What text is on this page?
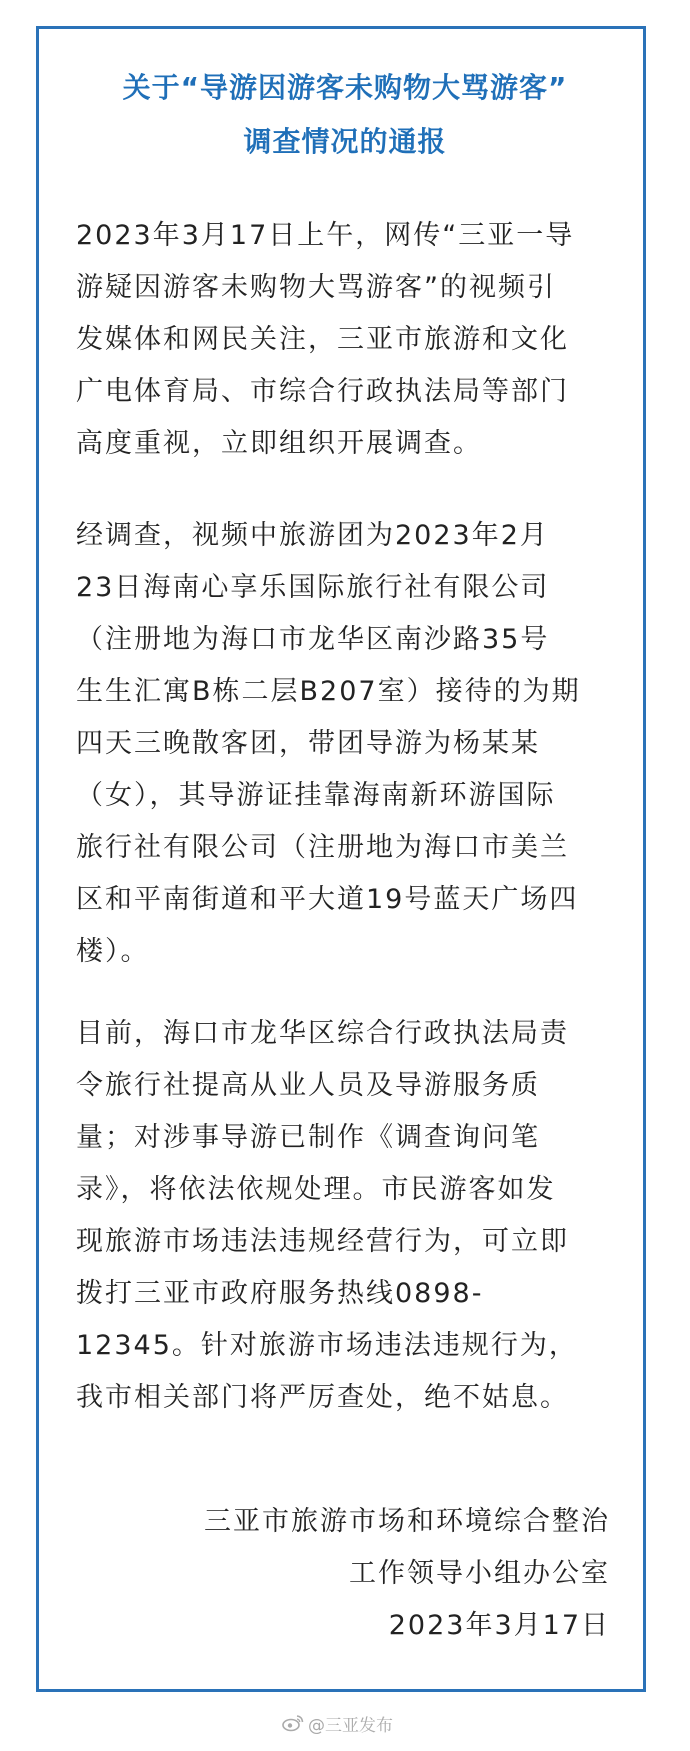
关于“导游因游客未购物大骂游客”
调查情况的通报
2023年3月17日上午，网传“三亚一导
游疑因游客未购物大骂游客”的视频引
发媒体和网民关注，三亚市旅游和文化
广电体育局、市综合行政执法局等部门
高度重视，立即组织开展调查。
经调查，视频中旅游团为2023年2月
23日海南心享乐国际旅行社有限公司
（注册地为海口市龙华区南沙路35号
生生汇寓B栋二层B207室）接待的为期
四天三晚散客团，带团导游为杨某某
（女），其导游证挂靠海南新环游国际
旅行社有限公司（注册地为海口市美兰
区和平南街道和平大道19号蓝天广场四
楼）。
目前，海口市龙华区综合行政执法局责
令旅行社提高从业人员及导游服务质
量；对涉事导游已制作《调查询问笔
录》，将依法依规处理。市民游客如发
现旅游市场违法违规经营行为，可立即
拨打三亚市政府服务热线0898-
12345。针对旅游市场违法违规行为，
我市相关部门将严厉查处，绝不姑息。
三亚市旅游市场和环境综合整治
工作领导小组办公室
2023年3月17日
@三亚发布
